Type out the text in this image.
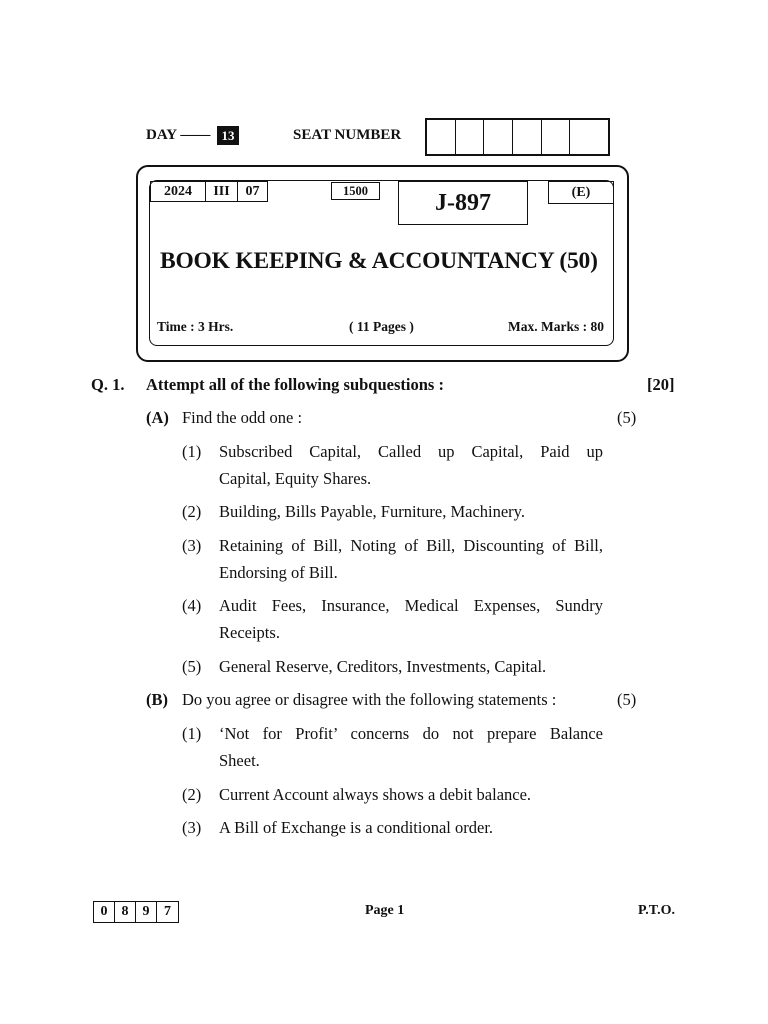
DAY —— 13	SEAT NUMBER
2024	III	07	1500	J-897	(E)
BOOK KEEPING & ACCOUNTANCY (50)
Time : 3 Hrs.	( 11 Pages )	Max. Marks : 80
Q. 1. Attempt all of the following subquestions :	[20]
(A) Find the odd one :	(5)
(1) Subscribed Capital, Called up Capital, Paid up
Capital, Equity Shares.
(2) Building, Bills Payable, Furniture, Machinery.
(3) Retaining of Bill, Noting of Bill, Discounting of Bill,
Endorsing of Bill.
(4) Audit Fees, Insurance, Medical Expenses, Sundry
Receipts.
(5) General Reserve, Creditors, Investments, Capital.
(B) Do you agree or disagree with the following statements :	(5)
(1) ‘Not for Profit’ concerns do not prepare Balance
Sheet.
(2) Current Account always shows a debit balance.
(3) A Bill of Exchange is a conditional order.
0	8	9	7	Page 1	P.T.O.
